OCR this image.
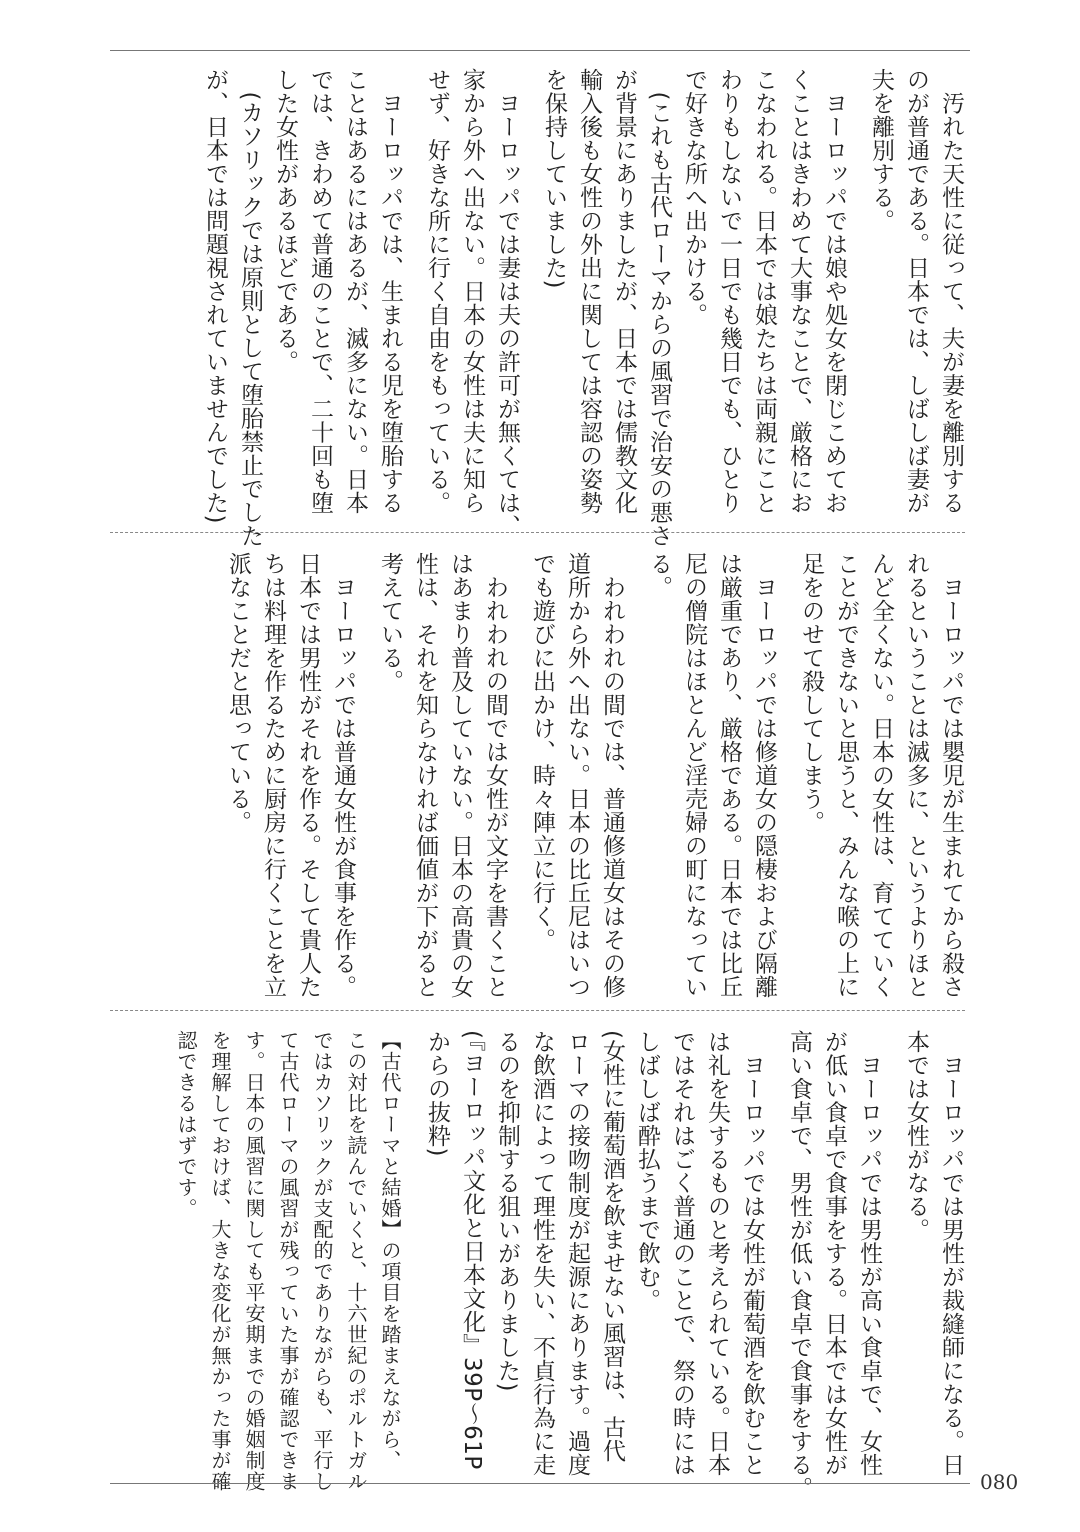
　汚れた天性に従って、夫が妻を離別する
のが普通である。日本では、しばしば妻が
夫を離別する。
　ヨーロッパでは娘や処女を閉じこめてお
くことはきわめて大事なことで、厳格にお
こなわれる。日本では娘たちは両親にこと
わりもしないで一日でも幾日でも、ひとり
で好きな所へ出かける。
　(これも古代ローマからの風習で治安の悪さ
が背景にありましたが、日本では儒教文化
輸入後も女性の外出に関しては容認の姿勢
を保持していました)
　ヨーロッパでは妻は夫の許可が無くては、
家から外へ出ない。日本の女性は夫に知ら
せず、好きな所に行く自由をもっている。
　ヨーロッパでは、生まれる児を堕胎する
ことはあるにはあるが、滅多にない。日本
では、きわめて普通のことで、二十回も堕
した女性があるほどである。
　(カソリックでは原則として堕胎禁止でした
が、日本では問題視されていませんでした)
　ヨーロッパでは嬰児が生まれてから殺さ
れるということは滅多に、というよりほと
んど全くない。日本の女性は、育てていく
ことができないと思うと、みんな喉の上に
足をのせて殺してしまう。
　ヨーロッパでは修道女の隠棲および隔離
は厳重であり、厳格である。日本では比丘
尼の僧院はほとんど淫売婦の町になってい
る。
　われわれの間では、普通修道女はその修
道所から外へ出ない。日本の比丘尼はいつ
でも遊びに出かけ、時々陣立に行く。
　われわれの間では女性が文字を書くこと
はあまり普及していない。日本の高貴の女
性は、それを知らなければ価値が下がると
考えている。
　ヨーロッパでは普通女性が食事を作る。
日本では男性がそれを作る。そして貴人た
ちは料理を作るために厨房に行くことを立
派なことだと思っている。
　ヨーロッパでは男性が裁縫師になる。日
本では女性がなる。
　ヨーロッパでは男性が高い食卓で、女性
が低い食卓で食事をする。日本では女性が
高い食卓で、男性が低い食卓で食事をする。
　ヨーロッパでは女性が葡萄酒を飲むこと
は礼を失するものと考えられている。日本
ではそれはごく普通のことで、祭の時には
しばしば酔払うまで飲む。
(女性に葡萄酒を飲ませない風習は、古代
ローマの接吻制度が起源にあります。過度
な飲酒によって理性を失い、不貞行為に走
るのを抑制する狙いがありました)
(『ヨーロッパ文化と日本文化』39P～61P
からの抜粋)
【古代ローマと結婚】の項目を踏まえながら、
この対比を読んでいくと、十六世紀のポルトガル
ではカソリックが支配的でありながらも、平行し
て古代ローマの風習が残っていた事が確認できま
す。日本の風習に関しても平安期までの婚姻制度
を理解しておけば、大きな変化が無かった事が確
認できるはずです。
080
